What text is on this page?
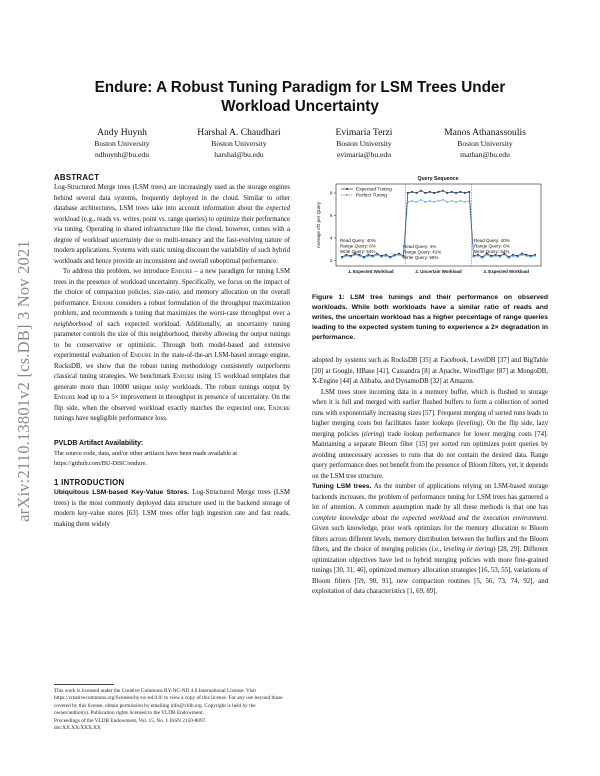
arXiv:2110.13801v2 [cs.DB] 3 Nov 2021
Endure: A Robust Tuning Paradigm for LSM Trees Under
Workload Uncertainty
Andy Huynh
Boston University
ndhuynh@bu.edu
Harshal A. Chaudhari
Boston University
harshal@bu.edu
Evimaria Terzi
Boston University
evimaria@bu.edu
Manos Athanassoulis
Boston University
mathan@bu.edu
ABSTRACT

Log-Structured Merge trees (LSM trees) are increasingly used as the storage engines behind several data systems, frequently deployed in the cloud. Similar to other database architectures, LSM trees take into account information about the expected workload (e.g., reads vs. writes, point vs. range queries) to optimize their performance via tuning. Operating in shared infrastructure like the cloud, however, comes with a degree of workload uncertainty due to multi-tenancy and the fast-evolving nature of modern applications. Systems with static tuning discount the variability of such hybrid workloads and hence provide an inconsistent and overall suboptimal performance.

To address this problem, we introduce Endure – a new paradigm for tuning LSM trees in the presence of workload uncertainty. Specifically, we focus on the impact of the choice of compaction policies, size-ratio, and memory allocation on the overall performance. Endure considers a robust formulation of the throughput maximization problem, and recommends a tuning that maximizes the worst-case throughput over a neighborhood of each expected workload. Additionally, an uncertainty tuning parameter controls the size of this neighborhood, thereby allowing the output tunings to be conservative or optimistic. Through both model-based and extensive experimental evaluation of Endure in the state-of-the-art LSM-based storage engine, RocksDB, we show that the robust tuning methodology consistently outperforms classical tuning strategies. We benchmark Endure using 15 workload templates that generate more than 10000 unique noisy workloads. The robust tunings output by Endure lead up to a 5× improvement in throughput in presence of uncertainty. On the flip side, when the observed workload exactly matches the expected one, Endure tunings have negligible performance loss.

PVLDB Artifact Availability:

The source code, data, and/or other artifacts have been made available at https://github.com/BU-DiSC/endure.

1 INTRODUCTION

Ubiquitous LSM-based Key-Value Stores. Log-Structured Merge trees (LSM trees) is the most commonly deployed data structure used in the backend storage of modern key-value stores [63]. LSM trees offer high ingestion rate and fast reads, making them widely

This work is licensed under the Creative Commons BY-NC-ND 4.0 International License. Visit https://creativecommons.org/licenses/by-nc-nd/4.0/ to view a copy of this license. For any use beyond those covered by this license, obtain permission by emailing info@vldb.org. Copyright is held by the owner/author(s). Publication rights licensed to the VLDB Endowment.
Proceedings of the VLDB Endowment, Vol. 15, No. 1 ISSN 2150-8097.
doi:XX.XX/XXX.XX
Query Sequence
Average I/O per Query
2
4
6
8
1. Expected Workload	2. Uncertain Workload	3. Expected Workload
Expected Tuning
Perfect Tuning
Read Query: 40%
Range Query: 6%
Write Query: 54%
Read Query: 4%
Range Query: 41%
Write Query: 55%
Read Query: 40%
Range Query: 6%
Write Query: 54%
Figure 1: LSM tree tunings and their performance on observed workloads. While both workloads have a similar ratio of reads and writes, the uncertain workload has a higher percentage of range queries leading to the expected system tuning to experience a 2× degradation in performance.

adopted by systems such as RocksDB [35] at Facebook, LevelDB [37] and BigTable [20] at Google, HBase [41], Cassandra [8] at Apache, WiredTiger [87] at MongoDB, X-Engine [44] at Alibaba, and DynamoDB [32] at Amazon.

LSM trees store incoming data in a memory buffer, which is flushed to storage when it is full and merged with earlier flushed buffers to form a collection of sorted runs with exponentially increasing sizes [57]. Frequent merging of sorted runs leads to higher merging costs but facilitates faster lookups (leveling). On the flip side, lazy merging policies (tiering) trade lookup performance for lower merging costs [74]. Maintaining a separate Bloom filter [15] per sorted run optimizes point queries by avoiding unnecessary accesses to runs that do not contain the desired data. Range query performance does not benefit from the presence of Bloom filters, yet, it depends on the LSM tree structure.

Tuning LSM trees. As the number of applications relying on LSM-based storage backends increases, the problem of performance tuning for LSM trees has garnered a lot of attention. A common assumption made by all these methods is that one has complete knowledge about the expected workload and the execution environment. Given such knowledge, prior work optimizes for the memory allocation to Bloom filters across different levels, memory distribution between the buffers and the Bloom filters, and the choice of merging policies (i.e., leveling or tiering) [28, 29]. Different optimization objectives have led to hybrid merging policies with more fine-grained tunings [30, 31, 46], optimized memory allocation strategies [16, 53, 55], variations of Bloom filters [59, 90, 91], new compaction routines [5, 56, 73, 74, 92], and exploitation of data characteristics [1, 69, 89].
